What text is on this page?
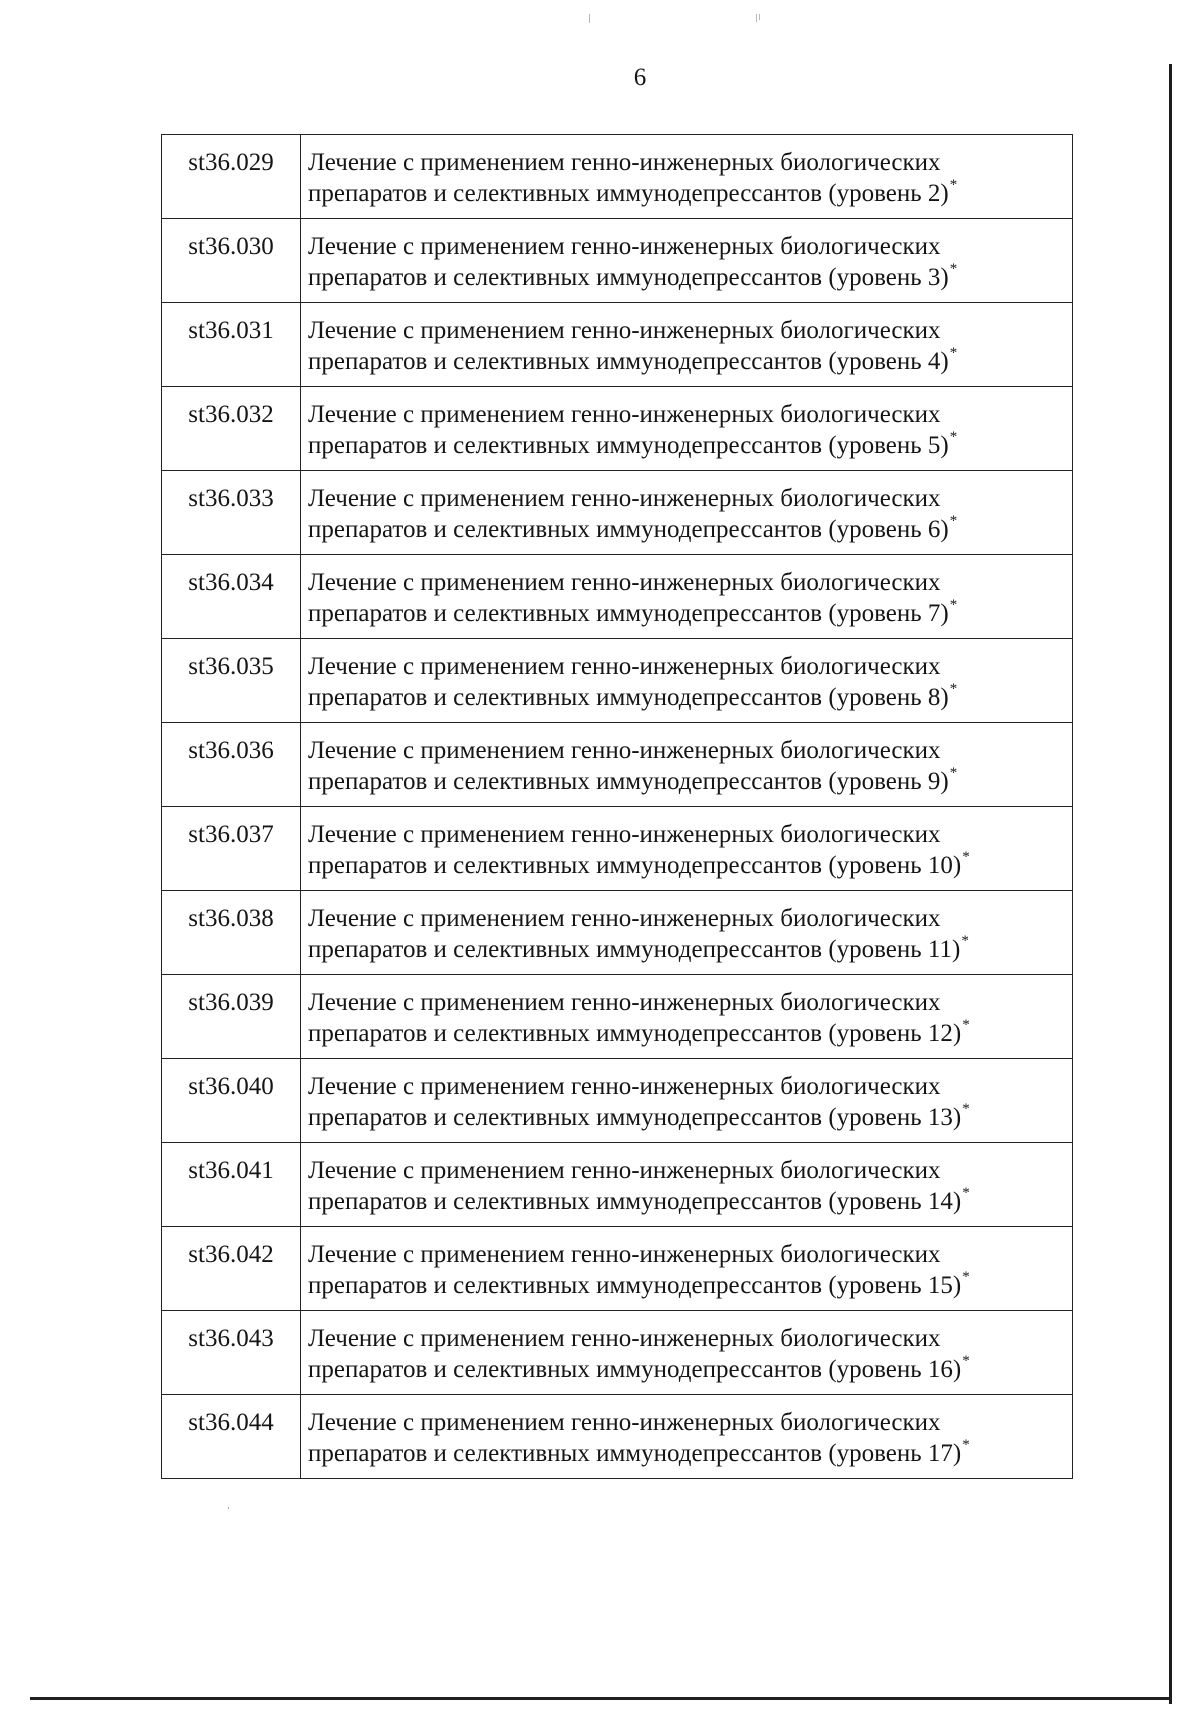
6
st36.029	Лечение с применением генно-инженерных биологических
препаратов и селективных иммунодепрессантов (уровень 2)*

st36.030	Лечение с применением генно-инженерных биологических
препаратов и селективных иммунодепрессантов (уровень 3)*

st36.031	Лечение с применением генно-инженерных биологических
препаратов и селективных иммунодепрессантов (уровень 4)*

st36.032	Лечение с применением генно-инженерных биологических
препаратов и селективных иммунодепрессантов (уровень 5)*

st36.033	Лечение с применением генно-инженерных биологических
препаратов и селективных иммунодепрессантов (уровень 6)*

st36.034	Лечение с применением генно-инженерных биологических
препаратов и селективных иммунодепрессантов (уровень 7)*

st36.035	Лечение с применением генно-инженерных биологических
препаратов и селективных иммунодепрессантов (уровень 8)*

st36.036	Лечение с применением генно-инженерных биологических
препаратов и селективных иммунодепрессантов (уровень 9)*

st36.037	Лечение с применением генно-инженерных биологических
препаратов и селективных иммунодепрессантов (уровень 10)*

st36.038	Лечение с применением генно-инженерных биологических
препаратов и селективных иммунодепрессантов (уровень 11)*

st36.039	Лечение с применением генно-инженерных биологических
препаратов и селективных иммунодепрессантов (уровень 12)*

st36.040	Лечение с применением генно-инженерных биологических
препаратов и селективных иммунодепрессантов (уровень 13)*

st36.041	Лечение с применением генно-инженерных биологических
препаратов и селективных иммунодепрессантов (уровень 14)*

st36.042	Лечение с применением генно-инженерных биологических
препаратов и селективных иммунодепрессантов (уровень 15)*

st36.043	Лечение с применением генно-инженерных биологических
препаратов и селективных иммунодепрессантов (уровень 16)*

st36.044	Лечение с применением генно-инженерных биологических
препаратов и селективных иммунодепрессантов (уровень 17)*
